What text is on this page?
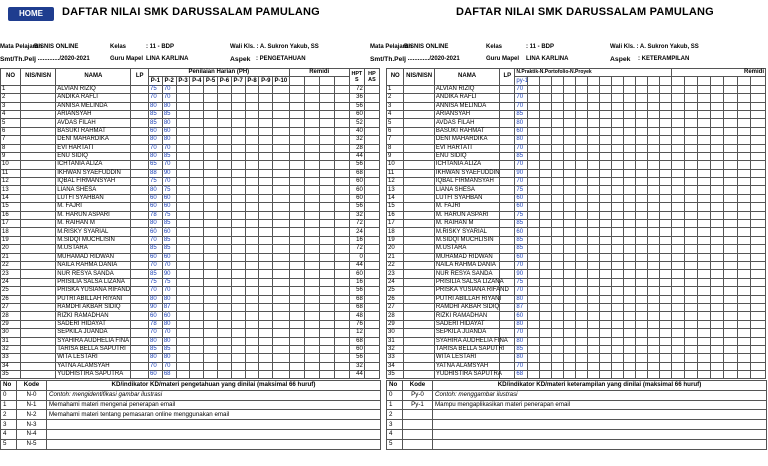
HOME	DAFTAR NILAI SMK DARUSSALAM PAMULANG
Mata Pelajaran
BISNIS ONLINE	Kelas	: 11 - BDP	Wali Kls. : A. Sukron Yakub, SS
Smt/Th.Pelj
: ............./2020-2021	Guru Mapel LINA KARLINA	Aspek : PENGETAHUAN
NO	NIS/NISN	NAMA	LP	Penilaian Harian (PH)										Remidi				HPT S	HP AS
				P-1	P-2	P-3	P-4	P-5	P-6	P-7	P-8	P-9	P-10						
1		ALVIAN RIZIQ		75	70													72	
2		ANDIKA RAFLI		70	70													36	
3		ANNISA MELINDA		80	80													56	
4		ARIANSYAH		85	85													60	
5		AVDAS FILAH		85	80													52	
6		BASUKI RAHMAT		60	60													40	
7		DENI MAHARDIKA		80	80													32	
8		EVI HARTATI		70	70													28	
9		ENU SIDIQ		80	85													44	
10		ICHTANIA ALIZA		65	70													56	
11		IKHWAN SYAEFUDDIN		88	90													68	
12		IQBAL FIRMANSYAH		75	70													60	
13		LIANA SHESA		80	75													60	
14		LUTFI SYAHBAN		60	60													60	
15		M. FAJRI		60	60													56	
16		M. HARUN ASPARI		78	75													32	
17		M. RAIHAN M		80	85													72	
18		M.RISKY SYARIAL		60	60													24	
19		M.SIDQI MUCHLISIN		70	85													16	
20		M.USTARA		85	85													72	
21		MUHAMAD RIDWAN		60	60													0	
22		NAILA RAHMA DANIA		70	70													44	
23		NUR RESYA SANDA		85	90													60	
24		PRISILIA SALSA LIZANA		75	75													16	
25		PRISKA YUSIANA RIFAND		70	70													56	
26		PUTRI ABILLAH RIYANI		80	80													68	
27		RAMDHI AKBAR SIDIQ		90	87													68	
28		RIZKI RAMADHAN		60	60													48	
29		SADERI HIDAYAT		78	80													76	
30		SEPKILA JUANDA		70	70													12	
31		SYAHIRA AUDHELIA FINA		80	80													68	
32		TARISA BELLA SAPUTRI		85	85													60	
33		WITA LESTARI		80	80													56	
34		YATNA ALAMSYAH		70	70													32	
35		YUDHISTIRA SAPUTRA		60	68													44	
No	Kode	KD/indikator KD/materi pengetahuan yang dinilai (maksimal 66 huruf)
0	N-0	Contoh: mengidentifikasi gambar ilustrasi
1	N-1	Memahami materi mengenai penerapan email
2	N-2	Memahami materi tentang pemasaran online menggunakan email
3	N-3	
4	N-4	
5	N-5	
DAFTAR NILAI SMK DARUSSALAM PAMULANG
Mata Pelajaran
BISNIS ONLINE	Kelas	: 11 - BDP	Wali Kls. : A. Sukron Yakub, SS
Smt/Th.Pelj
: ............./2020-2021	Guru Mapel LINA KARLINA	Aspek : KETERAMPILAN
NO	NIS/NISN	NAMA	LP	N.Praktik-N.Portofolio-N.Proyek													Remidi						
				py-1																			
1		ALVIAN RIZIQ		70																			
2		ANDIKA RAFLI		70																			
3		ANNISA MELINDA		70																			
4		ARIANSYAH		85																			
5		AVDAS FILAH		80																			
6		BASUKI RAHMAT		60																			
7		DENI MAHARDIKA		80																			
8		EVI HARTATI		70																			
9		ENU SIDIQ		85																			
10		ICHTANIA ALIZA		70																			
11		IKHWAN SYAEFUDDIN		90																			
12		IQBAL FIRMANSYAH		70																			
13		LIANA SHESA		75																			
14		LUTFI SYAHBAN		60																			
15		M. FAJRI		60																			
16		M. HARUN ASPARI		75																			
17		M. RAIHAN M		85																			
18		M.RISKY SYARIAL		60																			
19		M.SIDQI MUCHLISIN		85																			
20		M.USTARA		85																			
21		MUHAMAD RIDWAN		60																			
22		NAILA RAHMA DANIA		70																			
23		NUR RESYA SANDA		90																			
24		PRISILIA SALSA LIZANA		75																			
25		PRISKA YUSIANA RIFAND		70																			
26		PUTRI ABILLAH RIYANI		80																			
27		RAMDHI AKBAR SIDIQ		87																			
28		RIZKI RAMADHAN		60																			
29		SADERI HIDAYAT		80																			
30		SEPKILA JUANDA		70																			
31		SYAHIRA AUDHELIA FINA		80																			
32		TARISA BELLA SAPUTRI		85																			
33		WITA LESTARI		80																			
34		YATNA ALAMSYAH		70																			
35		YUDHISTIRA SAPUTRA		68																			
No	Kode	KD/indikator KD/materi keterampilan yang dinilai (maksimal 66 huruf)
0	Py-0	Contoh: menggambar ilustrasi
1	Py-1	Mampu mengaplikasikan materi penerapan email
2		
3		
4		
5		
